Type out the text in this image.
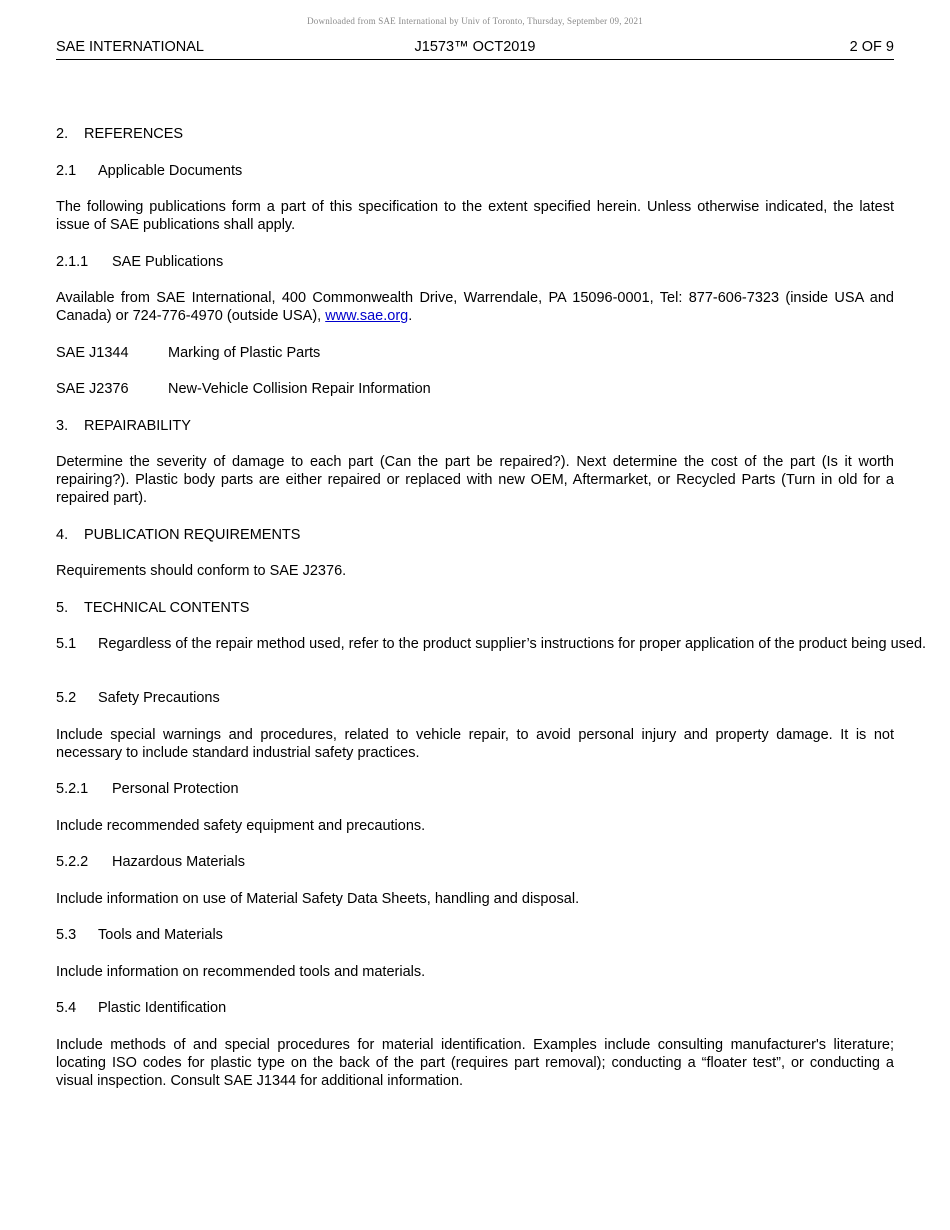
Downloaded from SAE International by Univ of Toronto, Thursday, September 09, 2021
SAE INTERNATIONAL	J1573™ OCT2019	2 OF 9

2. REFERENCES

2.1 Applicable Documents

The following publications form a part of this specification to the extent specified herein. Unless otherwise indicated, the latest issue of SAE publications shall apply.

2.1.1 SAE Publications

Available from SAE International, 400 Commonwealth Drive, Warrendale, PA 15096-0001, Tel: 877-606-7323 (inside USA and Canada) or 724-776-4970 (outside USA), www.sae.org.

SAE J1344	Marking of Plastic Parts

SAE J2376	New-Vehicle Collision Repair Information

3. REPAIRABILITY

Determine the severity of damage to each part (Can the part be repaired?). Next determine the cost of the part (Is it worth repairing?). Plastic body parts are either repaired or replaced with new OEM, Aftermarket, or Recycled Parts (Turn in old for a repaired part).

4. PUBLICATION REQUIREMENTS

Requirements should conform to SAE J2376.

5. TECHNICAL CONTENTS

5.1 Regardless of the repair method used, refer to the product supplier’s instructions for proper application of the product being used.

5.2 Safety Precautions

Include special warnings and procedures, related to vehicle repair, to avoid personal injury and property damage. It is not necessary to include standard industrial safety practices.

5.2.1 Personal Protection

Include recommended safety equipment and precautions.

5.2.2 Hazardous Materials

Include information on use of Material Safety Data Sheets, handling and disposal.

5.3 Tools and Materials

Include information on recommended tools and materials.

5.4 Plastic Identification

Include methods of and special procedures for material identification. Examples include consulting manufacturer's literature; locating ISO codes for plastic type on the back of the part (requires part removal); conducting a “floater test”, or conducting a visual inspection. Consult SAE J1344 for additional information.
